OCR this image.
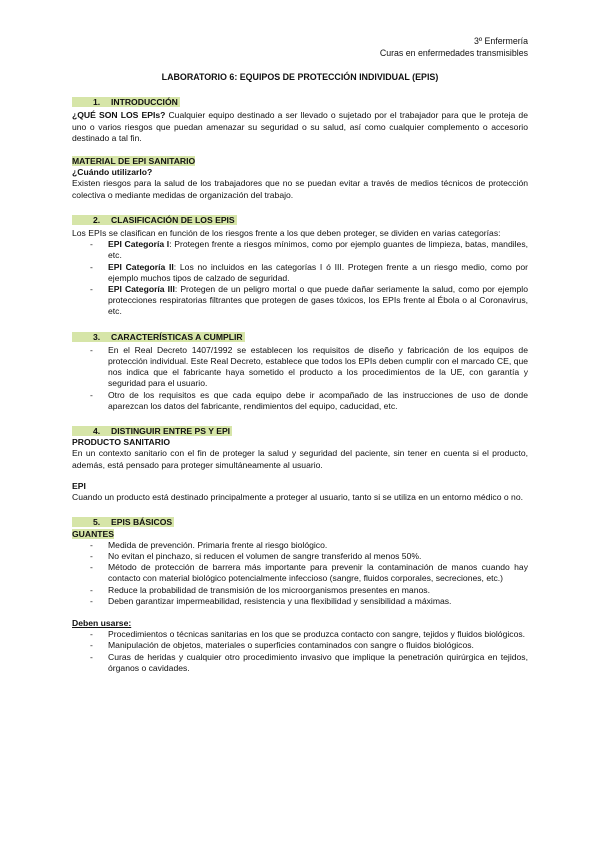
3º Enfermería
Curas en enfermedades transmisibles
LABORATORIO 6: EQUIPOS DE PROTECCIÓN INDIVIDUAL (EPIS)
1. INTRODUCCIÓN

¿QUÉ SON LOS EPIs? Cualquier equipo destinado a ser llevado o sujetado por el trabajador para que le proteja de uno o varios riesgos que puedan amenazar su seguridad o su salud, así como cualquier complemento o accesorio destinado a tal fin.

MATERIAL DE EPI SANITARIO
¿Cuándo utilizarlo?

Existen riesgos para la salud de los trabajadores que no se puedan evitar a través de medios técnicos de protección colectiva o mediante medidas de organización del trabajo.

2. CLASIFICACIÓN DE LOS EPIS

Los EPIs se clasifican en función de los riesgos frente a los que deben proteger, se dividen en varias categorías:

- EPI Categoría I: Protegen frente a riesgos mínimos, como por ejemplo guantes de limpieza, batas, mandiles, etc.
- EPI Categoría II: Los no incluidos en las categorías I ó III. Protegen frente a un riesgo medio, como por ejemplo muchos tipos de calzado de seguridad.
- EPI Categoría III: Protegen de un peligro mortal o que puede dañar seriamente la salud, como por ejemplo protecciones respiratorias filtrantes que protegen de gases tóxicos, los EPIs frente al Ébola o al Coronavirus, etc.
3. CARACTERÍSTICAS A CUMPLIR
- En el Real Decreto 1407/1992 se establecen los requisitos de diseño y fabricación de los equipos de protección individual. Este Real Decreto, establece que todos los EPIs deben cumplir con el marcado CE, que nos indica que el fabricante haya sometido el producto a los procedimientos de la UE, con garantía y seguridad para el usuario.
- Otro de los requisitos es que cada equipo debe ir acompañado de las instrucciones de uso de donde aparezcan los datos del fabricante, rendimientos del equipo, caducidad, etc.
4. DISTINGUIR ENTRE PS Y EPI
PRODUCTO SANITARIO

En un contexto sanitario con el fin de proteger la salud y seguridad del paciente, sin tener en cuenta si el producto, además, está pensado para proteger simultáneamente al usuario.

EPI

Cuando un producto está destinado principalmente a proteger al usuario, tanto si se utiliza en un entorno médico o no.

5. EPIS BÁSICOS
GUANTES
- Medida de prevención. Primaria frente al riesgo biológico.
- No evitan el pinchazo, si reducen el volumen de sangre transferido al menos 50%.
- Método de protección de barrera más importante para prevenir la contaminación de manos cuando hay contacto con material biológico potencialmente infeccioso (sangre, fluidos corporales, secreciones, etc.)
- Reduce la probabilidad de transmisión de los microorganismos presentes en manos.
- Deben garantizar impermeabilidad, resistencia y una flexibilidad y sensibilidad a máximas.
Deben usarse:
- Procedimientos o técnicas sanitarias en los que se produzca contacto con sangre, tejidos y fluidos biológicos.
- Manipulación de objetos, materiales o superficies contaminados con sangre o fluidos biológicos.
- Curas de heridas y cualquier otro procedimiento invasivo que implique la penetración quirúrgica en tejidos, órganos o cavidades.
